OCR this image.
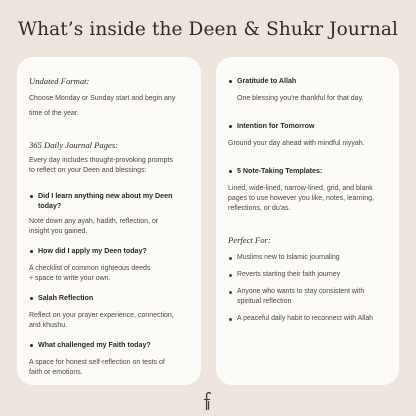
What’s inside the Deen & Shukr Journal

Undated Format:

Choose Monday or Sunday start and begin any

time of the year.

365 Daily Journal Pages:

Every day includes thought-provoking prompts

to reflect on your Deen and blessings:

Did I learn anything new about my Deen today?

Note down any ayah, hadith, reflection, or

insight you gained.

How did I apply my Deen today?

A checklist of common righteous deeds

+ space to write your own.

Salah Reflection

Reflect on your prayer experience, connection,

and khushu.

What challenged my Faith today?

A space for honest self-reflection on tests of

faith or emotions.

Gratitude to Allah

One blessing you're thankful for that day.

Intention for Tomorrow

Ground your day ahead with mindful niyyah.

5 Note-Taking Templates:

Lined, wide-lined, narrow-lined, grid, and blank

pages to use however you like, notes, learning,

reflections, or du'as.

Perfect For:

Muslims new to Islamic journaling

Reverts starting their faith journey

Anyone who wants to stay consistent with

spiritual reflection

A peaceful daily habit to reconnect with Allah
